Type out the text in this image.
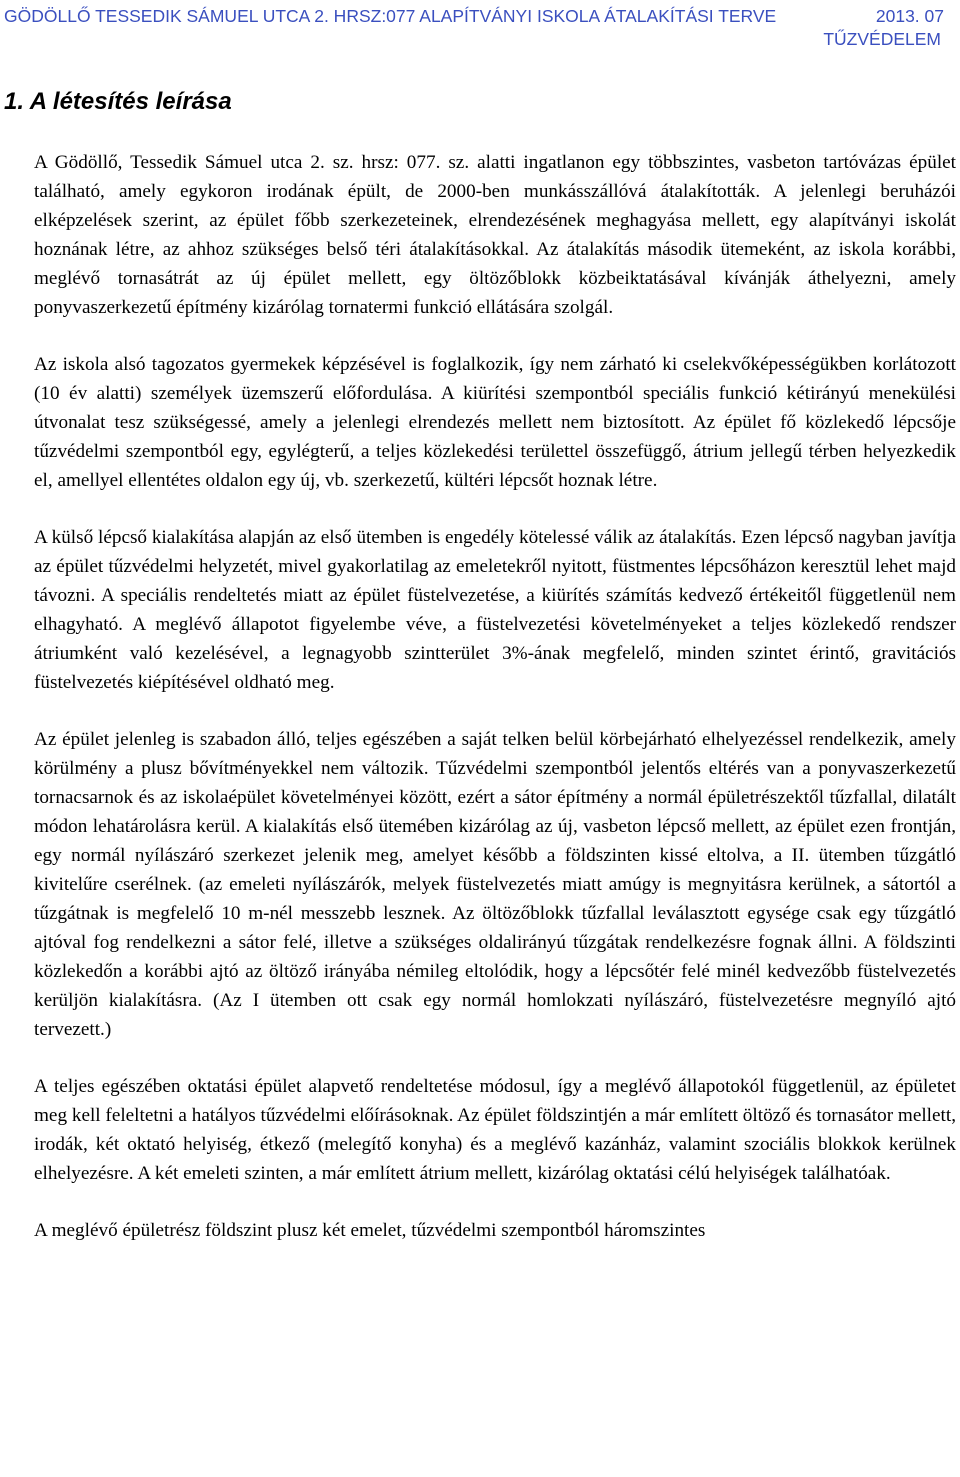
GÖDÖLLŐ TESSEDIK SÁMUEL UTCA 2. HRSZ:077 ALAPÍTVÁNYI ISKOLA ÁTALAKÍTÁSI TERVE	2013. 07
TŰZVÉDELEM
1. A létesítés leírása

A Gödöllő, Tessedik Sámuel utca 2. sz. hrsz: 077. sz. alatti ingatlanon egy többszintes, vasbeton tartóvázas épület található, amely egykoron irodának épült, de 2000-ben munkásszállóvá átalakították. A jelenlegi beruházói elképzelések szerint, az épület főbb szerkezeteinek, elrendezésének meghagyása mellett, egy alapítványi iskolát hoznának létre, az ahhoz szükséges belső téri átalakításokkal. Az átalakítás második ütemeként, az iskola korábbi, meglévő tornasátrát az új épület mellett, egy öltözőblokk közbeiktatásával kívánják áthelyezni, amely ponyvaszerkezetű építmény kizárólag tornatermi funkció ellátására szolgál.

Az iskola alsó tagozatos gyermekek képzésével is foglalkozik, így nem zárható ki cselekvőképességükben korlátozott (10 év alatti) személyek üzemszerű előfordulása. A kiürítési szempontból speciális funkció kétirányú menekülési útvonalat tesz szükségessé, amely a jelenlegi elrendezés mellett nem biztosított. Az épület fő közlekedő lépcsője tűzvédelmi szempontból egy, egylégterű, a teljes közlekedési területtel összefüggő, átrium jellegű térben helyezkedik el, amellyel ellentétes oldalon egy új, vb. szerkezetű, kültéri lépcsőt hoznak létre.

A külső lépcső kialakítása alapján az első ütemben is engedély kötelessé válik az átalakítás. Ezen lépcső nagyban javítja az épület tűzvédelmi helyzetét, mivel gyakorlatilag az emeletekről nyitott, füstmentes lépcsőházon keresztül lehet majd távozni. A speciális rendeltetés miatt az épület füstelvezetése, a kiürítés számítás kedvező értékeitől függetlenül nem elhagyható. A meglévő állapotot figyelembe véve, a füstelvezetési követelményeket a teljes közlekedő rendszer átriumként való kezelésével, a legnagyobb szintterület 3%-ának megfelelő, minden szintet érintő, gravitációs füstelvezetés kiépítésével oldható meg.

Az épület jelenleg is szabadon álló, teljes egészében a saját telken belül körbejárható elhelyezéssel rendelkezik, amely körülmény a plusz bővítményekkel nem változik. Tűzvédelmi szempontból jelentős eltérés van a ponyvaszerkezetű tornacsarnok és az iskolaépület követelményei között, ezért a sátor építmény a normál épületrészektől tűzfallal, dilatált módon lehatárolásra kerül. A kialakítás első ütemében kizárólag az új, vasbeton lépcső mellett, az épület ezen frontján, egy normál nyílászáró szerkezet jelenik meg, amelyet később a földszinten kissé eltolva, a II. ütemben tűzgátló kivitelűre cserélnek. (az emeleti nyílászárók, melyek füstelvezetés miatt amúgy is megnyitásra kerülnek, a sátortól a tűzgátnak is megfelelő 10 m-nél messzebb lesznek. Az öltözőblokk tűzfallal leválasztott egysége csak egy tűzgátló ajtóval fog rendelkezni a sátor felé, illetve a szükséges oldalirányú tűzgátak rendelkezésre fognak állni. A földszinti közlekedőn a korábbi ajtó az öltöző irányába némileg eltolódik, hogy a lépcsőtér felé minél kedvezőbb füstelvezetés kerüljön kialakításra. (Az I ütemben ott csak egy normál homlokzati nyílászáró, füstelvezetésre megnyíló ajtó tervezett.)

A teljes egészében oktatási épület alapvető rendeltetése módosul, így a meglévő állapotokól függetlenül, az épületet meg kell feleltetni a hatályos tűzvédelmi előírásoknak. Az épület földszintjén a már említett öltöző és tornasátor mellett, irodák, két oktató helyiség, étkező (melegítő konyha) és a meglévő kazánház, valamint szociális blokkok kerülnek elhelyezésre. A két emeleti szinten, a már említett átrium mellett, kizárólag oktatási célú helyiségek találhatóak.

A meglévő épületrész földszint plusz két emelet, tűzvédelmi szempontból háromszintes
